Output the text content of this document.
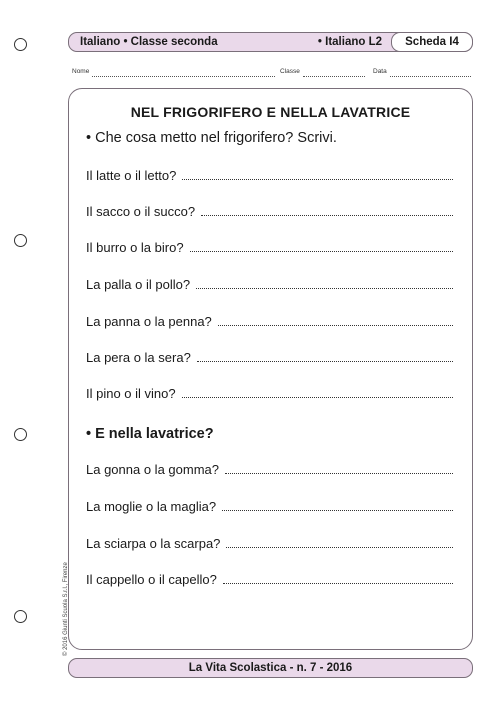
Italiano • Classe seconda	• Italiano L2	Scheda I4
Nome	Classe	Data
NEL FRIGORIFERO E NELLA LAVATRICE
• Che cosa metto nel frigorifero? Scrivi.
Il latte o il letto?
Il sacco o il succo?
Il burro o la biro?
La palla o il pollo?
La panna o la penna?
La pera o la sera?
Il pino o il vino?
• E nella lavatrice?
La gonna o la gomma?
La moglie o la maglia?
La sciarpa o la scarpa?
Il cappello o il capello?
© 2016 Giunti Scuola S.r.l., Firenze
La Vita Scolastica - n. 7 - 2016
